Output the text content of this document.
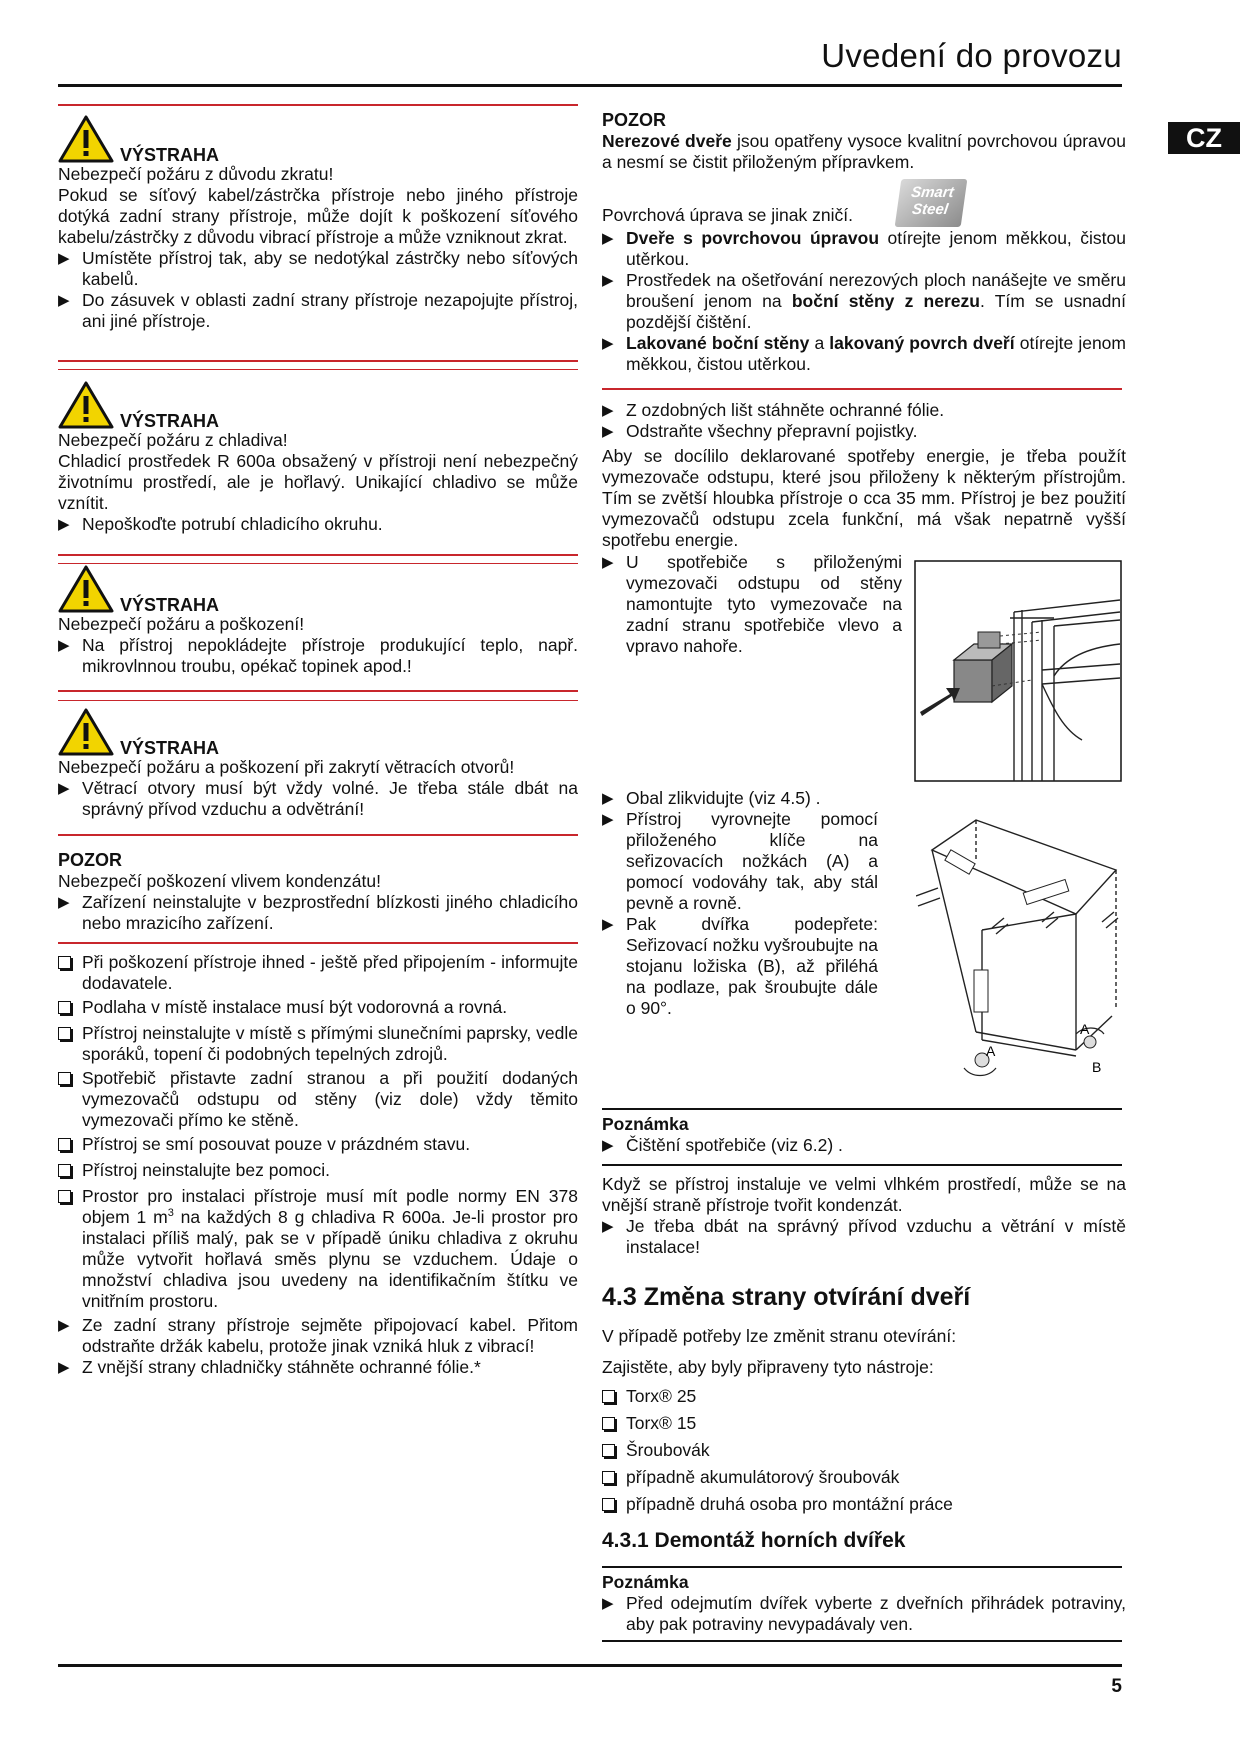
Uvedení do provozu
CZ
VÝSTRAHA

Nebezpečí požáru z důvodu zkratu!

Pokud se síťový kabel/zástrčka přístroje nebo jiného přístroje dotýká zadní strany přístroje, může dojít k poškození síťového kabelu/zástrčky z důvodu vibrací přístroje a může vzniknout zkrat.

▶ Umístěte přístroj tak, aby se nedotýkal zástrčky nebo síťových kabelů.
▶ Do zásuvek v oblasti zadní strany přístroje nezapojujte přístroj, ani jiné přístroje.
VÝSTRAHA

Nebezpečí požáru z chladiva!

Chladicí prostředek R 600a obsažený v přístroji není nebezpečný životnímu prostředí, ale je hořlavý. Unikající chladivo se může vznítit.

▶ Nepoškoďte potrubí chladicího okruhu.
VÝSTRAHA

Nebezpečí požáru a poškození!

▶ Na přístroj nepokládejte přístroje produkující teplo, např. mikrovlnnou troubu, opékač topinek apod.!
VÝSTRAHA

Nebezpečí požáru a poškození při zakrytí větracích otvorů!

▶ Větrací otvory musí být vždy volné. Je třeba stále dbát na správný přívod vzduchu a odvětrání!

POZOR

Nebezpečí poškození vlivem kondenzátu!

▶ Zařízení neinstalujte v bezprostřední blízkosti jiného chladicího nebo mrazicího zařízení.
Při poškození přístroje ihned - ještě před připojením - informujte dodavatele.
Podlaha v místě instalace musí být vodorovná a rovná.
Přístroj neinstalujte v místě s přímými slunečními paprsky, vedle sporáků, topení či podobných tepelných zdrojů.
Spotřebič přistavte zadní stranou a při použití dodaných vymezovačů odstupu od stěny (viz dole) vždy těmito vymezovači přímo ke stěně.
Přístroj se smí posouvat pouze v prázdném stavu.
Přístroj neinstalujte bez pomoci.
Prostor pro instalaci přístroje musí mít podle normy EN 378 objem 1 $m^3$ na každých 8 g chladiva R 600a. Je-li prostor pro instalaci příliš malý, pak se v případě úniku chladiva z okruhu může vytvořit hořlavá směs plynu se vzduchem. Údaje o množství chladiva jsou uvedeny na identifikačním štítku ve vnitřním prostoru.
▶ Ze zadní strany přístroje sejměte připojovací kabel. Přitom odstraňte držák kabelu, protože jinak vzniká hluk z vibrací!
▶ Z vnější strany chladničky stáhněte ochranné fólie.*

POZOR

Nerezové dveře jsou opatřeny vysoce kvalitní povrchovou úpravou a nesmí se čistit přiloženým přípravkem.

Povrchová úprava se jinak zničí.

Smart
Steel
▶ Dveře s povrchovou úpravou otírejte jenom měkkou, čistou utěrkou.
▶ Prostředek na ošetřování nerezových ploch nanášejte ve směru broušení jenom na boční stěny z nerezu. Tím se usnadní pozdější čištění.
▶ Lakované boční stěny a lakovaný povrch dveří otírejte jenom měkkou, čistou utěrkou.
▶ Z ozdobných lišt stáhněte ochranné fólie.
▶ Odstraňte všechny přepravní pojistky.

Aby se docílilo deklarované spotřeby energie, je třeba použít vymezovače odstupu, které jsou přiloženy k některým přístrojům. Tím se zvětší hloubka přístroje o cca 35 mm. Přístroj je bez použití vymezovačů odstupu zcela funkční, má však nepatrně vyšší spotřebu energie.

▶ U spotřebiče s přiloženými vymezovači odstupu od stěny namontujte tyto vymezovače na zadní stranu spotřebiče vlevo a vpravo nahoře.
▶ Obal zlikvidujte (viz 4.5) .
▶ Přístroj vyrovnejte pomocí přiloženého klíče na seřizovacích nožkách (A) a pomocí vodováhy tak, aby stál pevně a rovně.
▶ Pak dvířka podepřete: Seřizovací nožku vyšroubujte na stojanu ložiska (B), až přiléhá na podlaze, pak šroubujte dále o 90°.
A
A
B

Poznámka

▶ Čištění spotřebiče (viz 6.2) .

Když se přístroj instaluje ve velmi vlhkém prostředí, může se na vnější straně přístroje tvořit kondenzát.

▶ Je třeba dbát na správný přívod vzduchu a větrání v místě instalace!
4.3 Změna strany otvírání dveří

V případě potřeby lze změnit stranu otevírání:

Zajistěte, aby byly připraveny tyto nástroje:

Torx® 25
Torx® 15
Šroubovák
případně akumulátorový šroubovák
případně druhá osoba pro montážní práce
4.3.1 Demontáž horních dvířek

Poznámka

▶ Před odejmutím dvířek vyberte z dveřních přihrádek potraviny, aby pak potraviny nevypadávaly ven.
5
